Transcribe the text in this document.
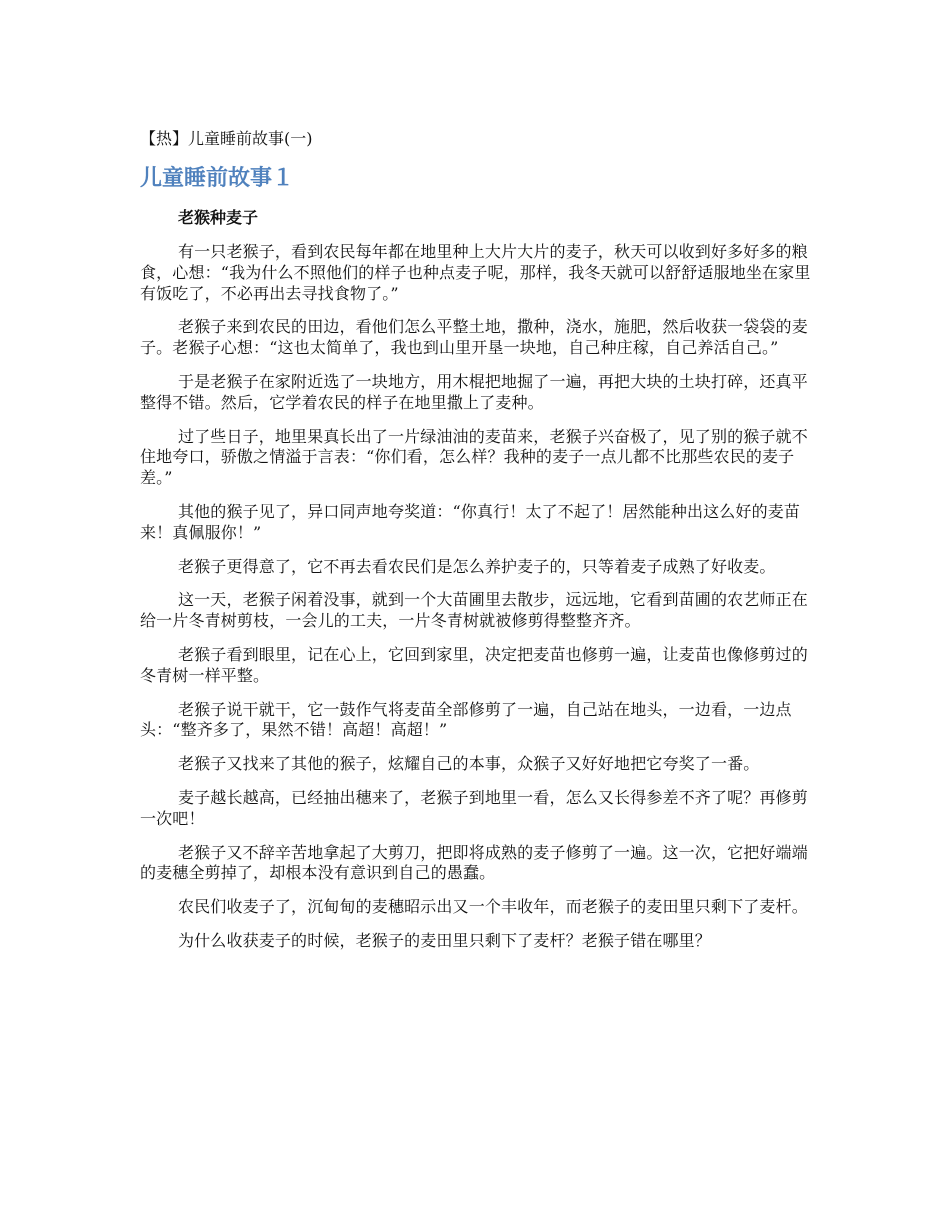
【热】儿童睡前故事(一)

儿童睡前故事１
老猴种麦子

有一只老猴子，看到农民每年都在地里种上大片大片的麦子，秋天可以收到好多好多的粮食，心想：“我为什么不照他们的样子也种点麦子呢，那样，我冬天就可以舒舒适服地坐在家里有饭吃了，不必再出去寻找食物了。”

老猴子来到农民的田边，看他们怎么平整土地，撒种，浇水，施肥，然后收获一袋袋的麦子。老猴子心想：“这也太简单了，我也到山里开垦一块地，自己种庄稼，自己养活自己。”

于是老猴子在家附近选了一块地方，用木棍把地掘了一遍，再把大块的土块打碎，还真平整得不错。然后，它学着农民的样子在地里撒上了麦种。

过了些日子，地里果真长出了一片绿油油的麦苗来，老猴子兴奋极了，见了别的猴子就不住地夸口，骄傲之情溢于言表：“你们看，怎么样？我种的麦子一点儿都不比那些农民的麦子差。”

其他的猴子见了，异口同声地夸奖道：“你真行！太了不起了！居然能种出这么好的麦苗来！真佩服你！”

老猴子更得意了，它不再去看农民们是怎么养护麦子的，只等着麦子成熟了好收麦。

这一天，老猴子闲着没事，就到一个大苗圃里去散步，远远地，它看到苗圃的农艺师正在给一片冬青树剪枝，一会儿的工夫，一片冬青树就被修剪得整整齐齐。

老猴子看到眼里，记在心上，它回到家里，决定把麦苗也修剪一遍，让麦苗也像修剪过的冬青树一样平整。

老猴子说干就干，它一鼓作气将麦苗全部修剪了一遍，自己站在地头，一边看，一边点头：“整齐多了，果然不错！高超！高超！”

老猴子又找来了其他的猴子，炫耀自己的本事，众猴子又好好地把它夸奖了一番。

麦子越长越高，已经抽出穗来了，老猴子到地里一看，怎么又长得参差不齐了呢？再修剪一次吧！

老猴子又不辞辛苦地拿起了大剪刀，把即将成熟的麦子修剪了一遍。这一次，它把好端端的麦穗全剪掉了，却根本没有意识到自己的愚蠢。

农民们收麦子了，沉甸甸的麦穗昭示出又一个丰收年，而老猴子的麦田里只剩下了麦杆。

为什么收获麦子的时候，老猴子的麦田里只剩下了麦杆？老猴子错在哪里？
